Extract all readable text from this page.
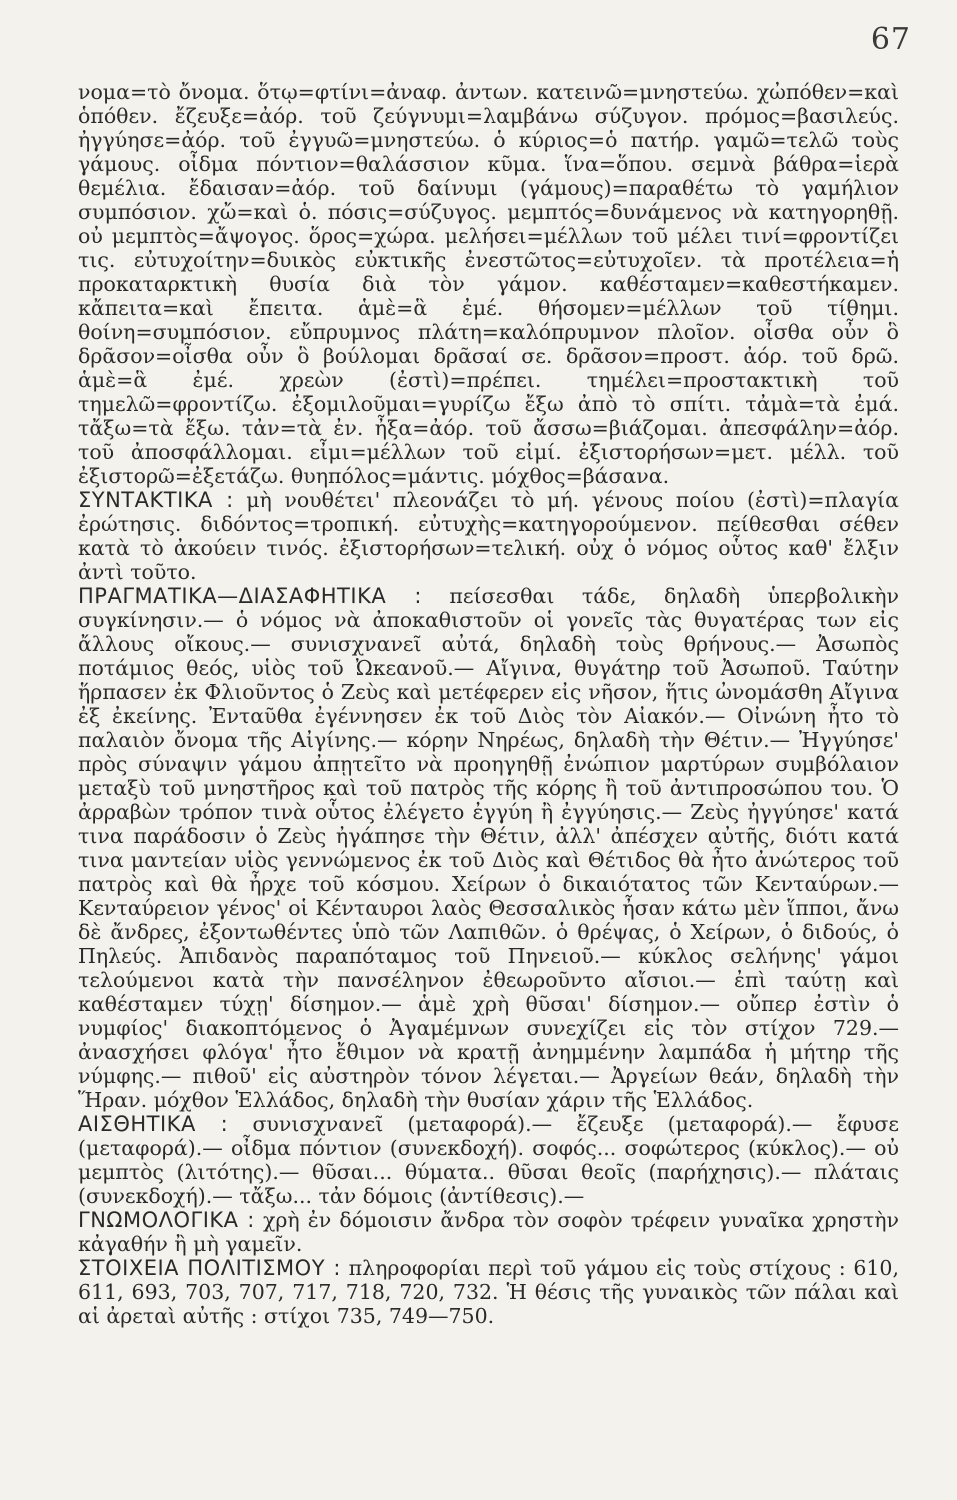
67

νομα=τὸ ὄνομα. ὅτῳ=φτίνι=ἀναφ. ἀντων. κατεινῶ=μνηστεύω. χὠπόθεν=καὶ ὁπόθεν. ἔζευξε=ἀόρ. τοῦ ζεύγνυμι=λαμβάνω σύζυγον. πρόμος=βασιλεύς. ἠγγύησε=ἀόρ. τοῦ ἐγγυῶ=μνηστεύω. ὁ κύριος=ὁ πατήρ. γαμῶ=τελῶ τοὺς γάμους. οἶδμα πόντιον=θαλάσσιον κῦμα. ἵνα=ὅπου. σεμνὰ βάθρα=ἱερὰ θεμέλια. ἔδαισαν=ἀόρ. τοῦ δαίνυμι (γάμους)=παραθέτω τὸ γαμήλιον συμπόσιον. χὤ=καὶ ὁ. πόσις=σύζυγος. μεμπτός=δυνάμενος νὰ κατηγορηθῇ. οὐ μεμπτὸς=ἄψογος. ὅρος=χώρα. μελήσει=μέλλων τοῦ μέλει τινί=φροντίζει τις. εὐτυχοίτην=δυικὸς εὐκτικῆς ἐνεστῶτος=εὐτυχοῖεν. τὰ προτέλεια=ἡ προκαταρκτικὴ θυσία διὰ τὸν γάμον. καθέσταμεν=καθεστήκαμεν. κἄπειτα=καὶ ἔπειτα. ἁμὲ=ἃ ἐμέ. θήσομεν=μέλλων τοῦ τίθημι. θοίνη=συμπόσιον. εὔπρυμνος πλάτη=καλόπρυμνον πλοῖον. οἶσθα οὖν ὃ δρᾶσον=οἶσθα οὖν ὃ βούλομαι δρᾶσαί σε. δρᾶσον=προστ. ἀόρ. τοῦ δρῶ. ἁμὲ=ἃ ἐμέ. χρεὼν (ἐστὶ)=πρέπει. τημέλει=προστακτικὴ τοῦ τημελῶ=φροντίζω. ἐξομιλοῦμαι=γυρίζω ἔξω ἀπὸ τὸ σπίτι. τἀμὰ=τὰ ἐμά. τἄξω=τὰ ἔξω. τἀν=τὰ ἐν. ἦξα=ἀόρ. τοῦ ἄσσω=βιάζομαι. ἀπεσφάλην=ἀόρ. τοῦ ἀποσφάλλομαι. εἶμι=μέλλων τοῦ εἰμί. ἐξιστορήσων=μετ. μέλλ. τοῦ ἐξιστορῶ=ἐξετάζω. θυηπόλος=μάντις. μόχθος=βάσανα.

ΣΥΝΤΑΚΤΙΚΑ : μὴ νουθέτει' πλεονάζει τὸ μή. γένους ποίου (ἐστὶ)=πλαγία ἐρώτησις. διδόντος=τροπική. εὐτυχὴς=κατηγορούμενον. πείθεσθαι σέθεν κατὰ τὸ ἀκούειν τινός. ἐξιστορήσων=τελική. οὐχ ὁ νόμος οὗτος καθ' ἔλξιν ἀντὶ τοῦτο.

ΠΡΑΓΜΑΤΙΚΑ—ΔΙΑΣΑΦΗΤΙΚΑ : πείσεσθαι τάδε, δηλαδὴ ὑπερβολικὴν συγκίνησιν.— ὁ νόμος νὰ ἀποκαθιστοῦν οἱ γονεῖς τὰς θυγατέρας των εἰς ἄλλους οἴκους.— συνισχνανεῖ αὐτά, δηλαδὴ τοὺς θρήνους.— Ἀσωπὸς ποτάμιος θεός, υἱὸς τοῦ Ὠκεανοῦ.— Αἴγινα, θυγάτηρ τοῦ Ἀσωποῦ. Ταύτην ἥρπασεν ἐκ Φλιοῦντος ὁ Ζεὺς καὶ μετέφερεν εἰς νῆσον, ἥτις ὠνομάσθη Αἴγινα ἐξ ἐκείνης. Ἐνταῦθα ἐγέννησεν ἐκ τοῦ Διὸς τὸν Αἰακόν.— Οἰνώνη ἦτο τὸ παλαιὸν ὄνομα τῆς Αἰγίνης.— κόρην Νηρέως, δηλαδὴ τὴν Θέτιν.— Ἠγγύησε' πρὸς σύναψιν γάμου ἀπῃτεῖτο νὰ προηγηθῇ ἐνώπιον μαρτύρων συμβόλαιον μεταξὺ τοῦ μνηστῆρος καὶ τοῦ πατρὸς τῆς κόρης ἢ τοῦ ἀντιπροσώπου του. Ὁ ἀρραβὼν τρόπον τινὰ οὗτος ἐλέγετο ἐγγύη ἢ ἐγγύησις.— Ζεὺς ἠγγύησε' κατά τινα παράδοσιν ὁ Ζεὺς ἠγάπησε τὴν Θέτιν, ἀλλ' ἀπέσχεν αὐτῆς, διότι κατά τινα μαντείαν υἱὸς γεννώμενος ἐκ τοῦ Διὸς καὶ Θέτιδος θὰ ἦτο ἀνώτερος τοῦ πατρὸς καὶ θὰ ἦρχε τοῦ κόσμου. Χείρων ὁ δικαιότατος τῶν Κενταύρων.— Κενταύρειον γένος' οἱ Κένταυροι λαὸς Θεσσαλικὸς ἦσαν κάτω μὲν ἵπποι, ἄνω δὲ ἄνδρες, ἐξοντωθέντες ὑπὸ τῶν Λαπιθῶν. ὁ θρέψας, ὁ Χείρων, ὁ διδούς, ὁ Πηλεύς. Ἀπιδανὸς παραπόταμος τοῦ Πηνειοῦ.— κύκλος σελήνης' γάμοι τελούμενοι κατὰ τὴν πανσέληνον ἐθεωροῦντο αἴσιοι.— ἐπὶ ταύτῃ καὶ καθέσταμεν τύχῃ' δίσημον.— ἁμὲ χρὴ θῦσαι' δίσημον.— οὔπερ ἐστὶν ὁ νυμφίος' διακοπτόμενος ὁ Ἀγαμέμνων συνεχίζει εἰς τὸν στίχον 729.— ἀνασχήσει φλόγα' ἦτο ἔθιμον νὰ κρατῇ ἀνημμένην λαμπάδα ἡ μήτηρ τῆς νύμφης.— πιθοῦ' εἰς αὐστηρὸν τόνον λέγεται.— Ἀργείων θεάν, δηλαδὴ τὴν Ἥραν. μόχθον Ἑλλάδος, δηλαδὴ τὴν θυσίαν χάριν τῆς Ἑλλάδος.

ΑΙΣΘΗΤΙΚΑ : συνισχνανεῖ (μεταφορά).— ἔζευξε (μεταφορά).— ἔφυσε (μεταφορά).— οἶδμα πόντιον (συνεκδοχή). σοφός... σοφώτερος (κύκλος).— οὐ μεμπτὸς (λιτότης).— θῦσαι... θύματα.. θῦσαι θεοῖς (παρήχησις).— πλάταις (συνεκδοχή).— τἄξω... τἀν δόμοις (ἀντίθεσις).—

ΓΝΩΜΟΛΟΓΙΚΑ : χρὴ ἐν δόμοισιν ἄνδρα τὸν σοφὸν τρέφειν γυναῖκα χρηστὴν κἀγαθήν ἢ μὴ γαμεῖν.

ΣΤΟΙΧΕΙΑ ΠΟΛΙΤΙΣΜΟΥ : πληροφορίαι περὶ τοῦ γάμου εἰς τοὺς στίχους : 610, 611, 693, 703, 707, 717, 718, 720, 732. Ἡ θέσις τῆς γυναικὸς τῶν πάλαι καὶ αἱ ἀρεταὶ αὐτῆς : στίχοι 735, 749—750.
